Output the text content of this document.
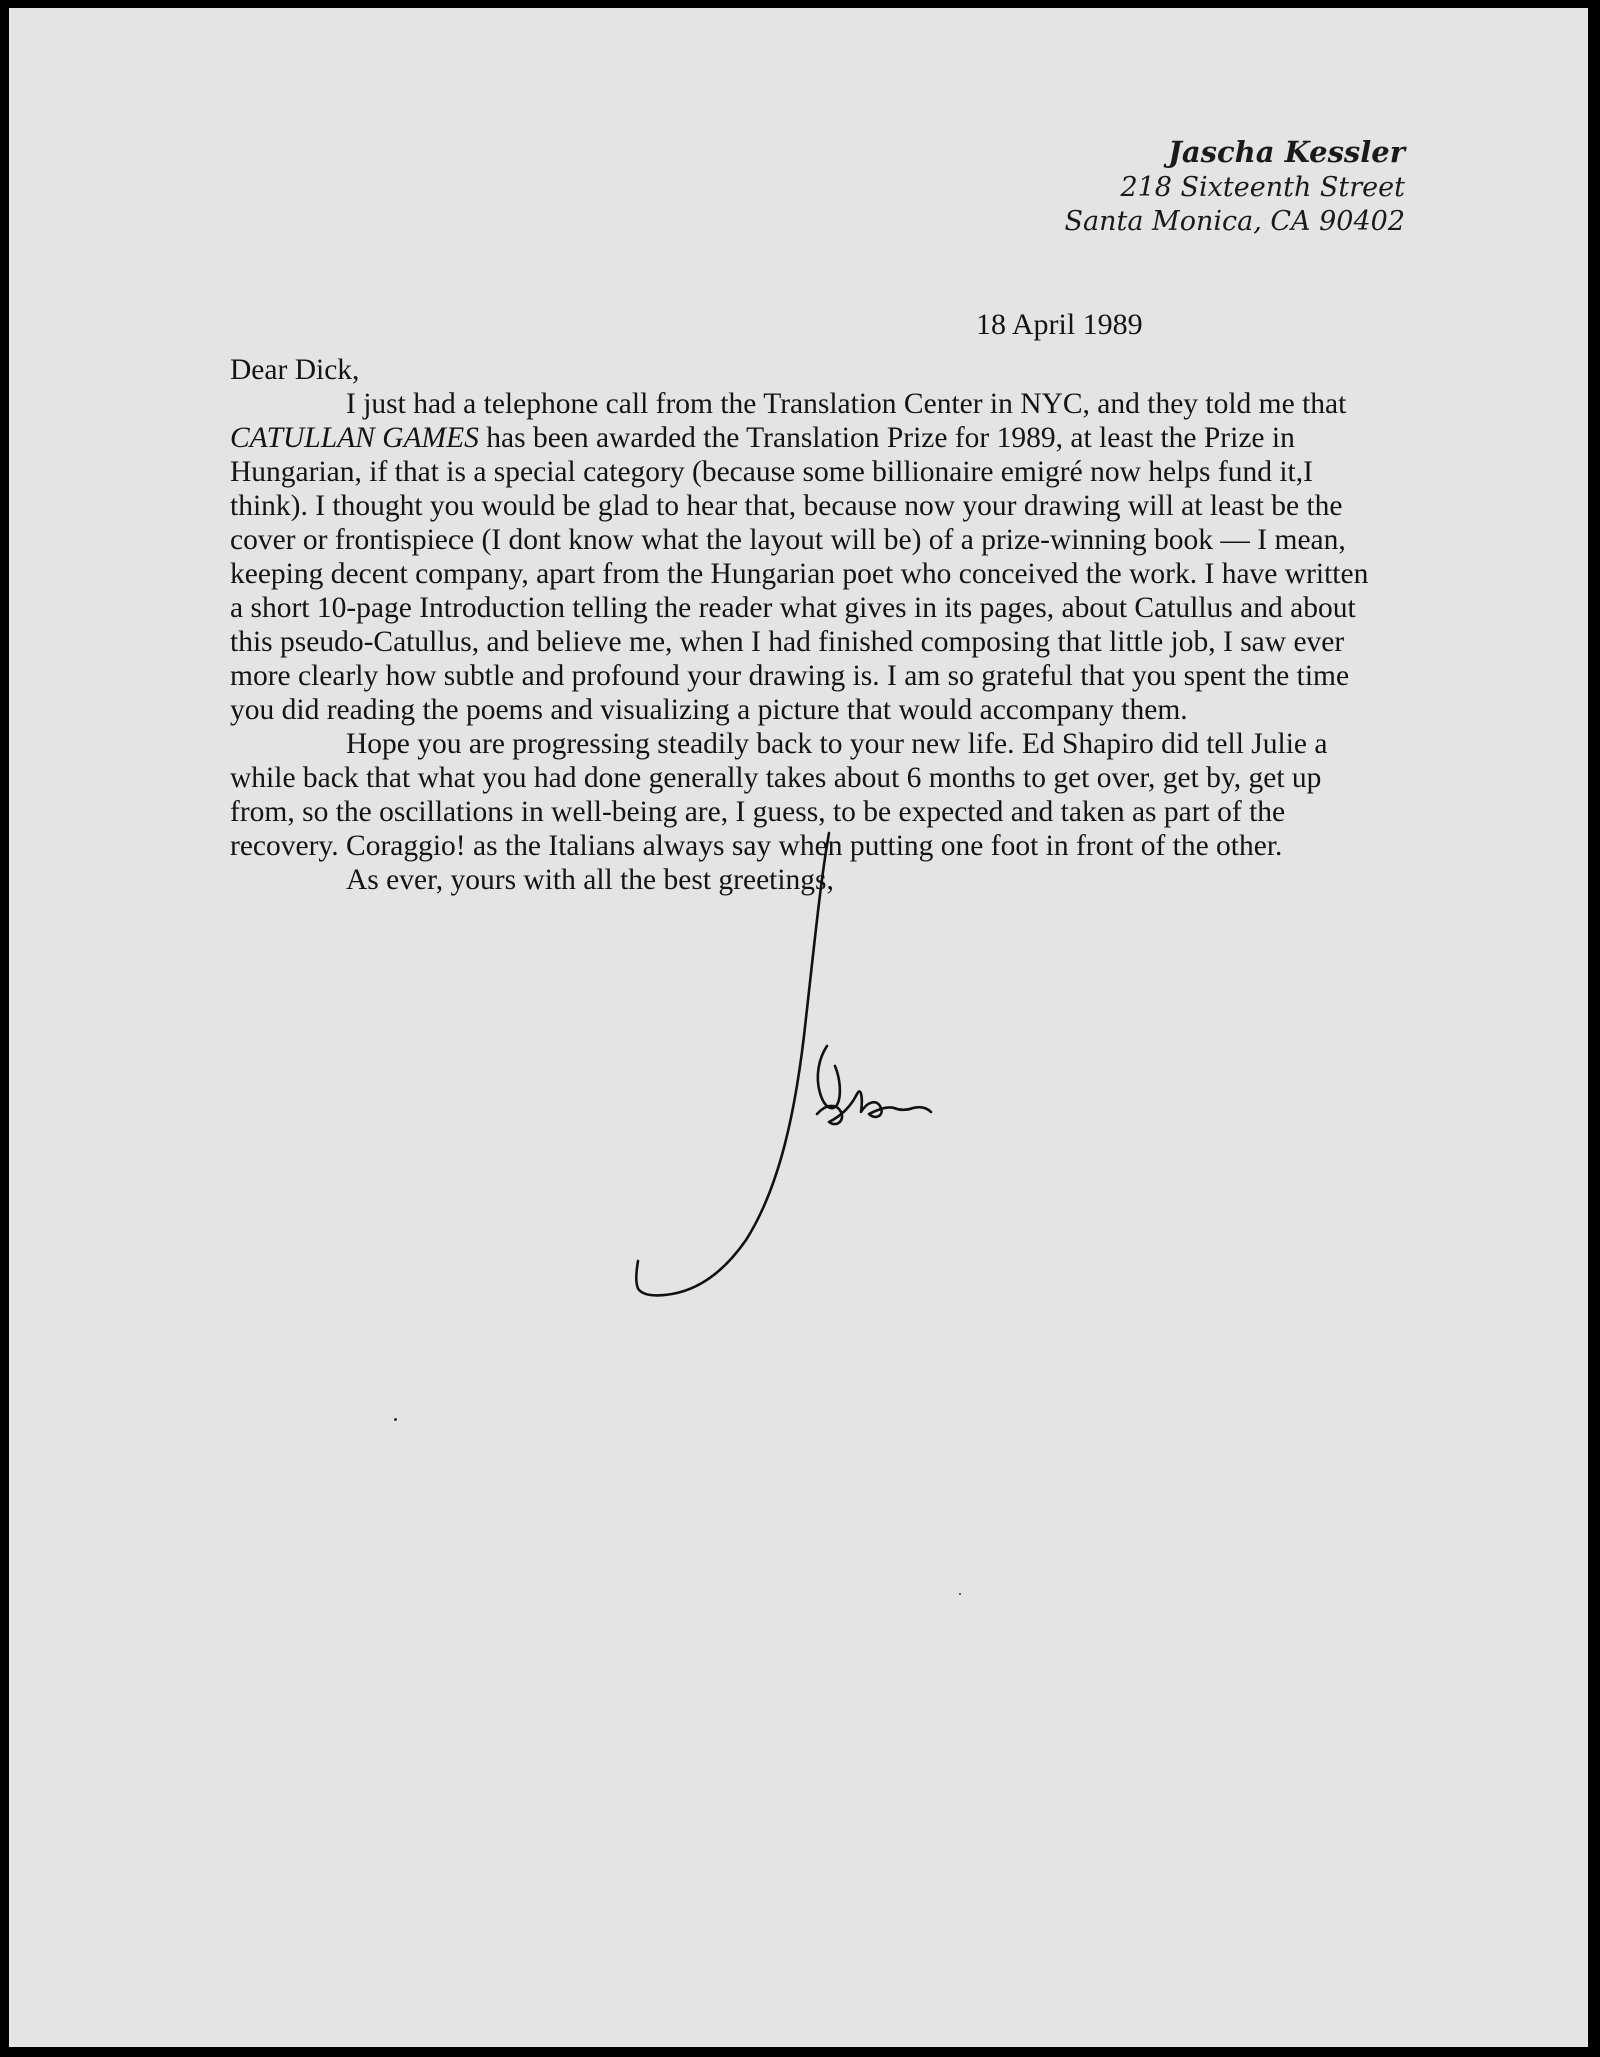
Jascha Kessler
218 Sixteenth Street
Santa Monica, CA 90402
18 April 1989

Dear Dick,

I just had a telephone call from the Translation Center in NYC, and they told me that CATULLAN GAMES has been awarded the Translation Prize for 1989, at least the Prize in Hungarian, if that is a special category (because some billionaire emigré now helps fund it,I think). I thought you would be glad to hear that, because now your drawing will at least be the cover or frontispiece (I dont know what the layout will be) of a prize-winning book — I mean, keeping decent company, apart from the Hungarian poet who conceived the work. I have written a short 10-page Introduction telling the reader what gives in its pages, about Catullus and about this pseudo-Catullus, and believe me, when I had finished composing that little job, I saw ever more clearly how subtle and profound your drawing is. I am so grateful that you spent the time you did reading the poems and visualizing a picture that would accompany them.

Hope you are progressing steadily back to your new life. Ed Shapiro did tell Julie a while back that what you had done generally takes about 6 months to get over, get by, get up from, so the oscillations in well-being are, I guess, to be expected and taken as part of the recovery. Coraggio! as the Italians always say when putting one foot in front of the other.

As ever, yours with all the best greetings,
